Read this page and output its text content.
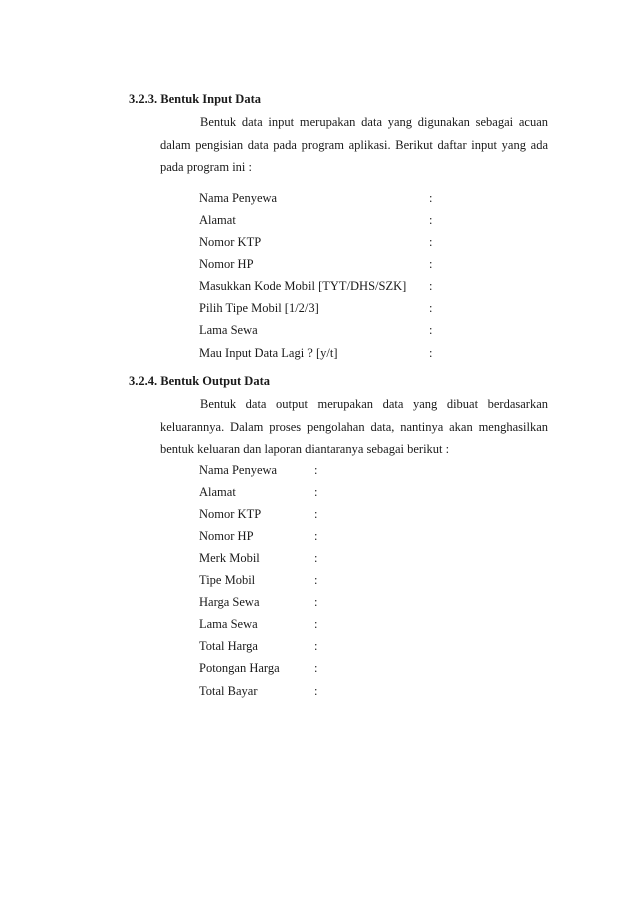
3.2.3. Bentuk Input Data

Bentuk data input merupakan data yang digunakan sebagai acuan

dalam pengisian data pada program aplikasi. Berikut daftar input yang ada

pada program ini :

Nama Penyewa	:
Alamat	:
Nomor KTP	:
Nomor HP	:
Masukkan Kode Mobil [TYT/DHS/SZK] :
Pilih Tipe Mobil [1/2/3]	:
Lama Sewa	:
Mau Input Data Lagi ? [y/t]	:
3.2.4. Bentuk Output Data

Bentuk data output merupakan data yang dibuat berdasarkan

keluarannya. Dalam proses pengolahan data, nantinya akan menghasilkan

bentuk keluaran dan laporan diantaranya sebagai berikut :

Nama Penyewa	:
Alamat	:
Nomor KTP	:
Nomor HP	:
Merk Mobil	:
Tipe Mobil	:
Harga Sewa	:
Lama Sewa	:
Total Harga	:
Potongan Harga	:
Total Bayar	:
